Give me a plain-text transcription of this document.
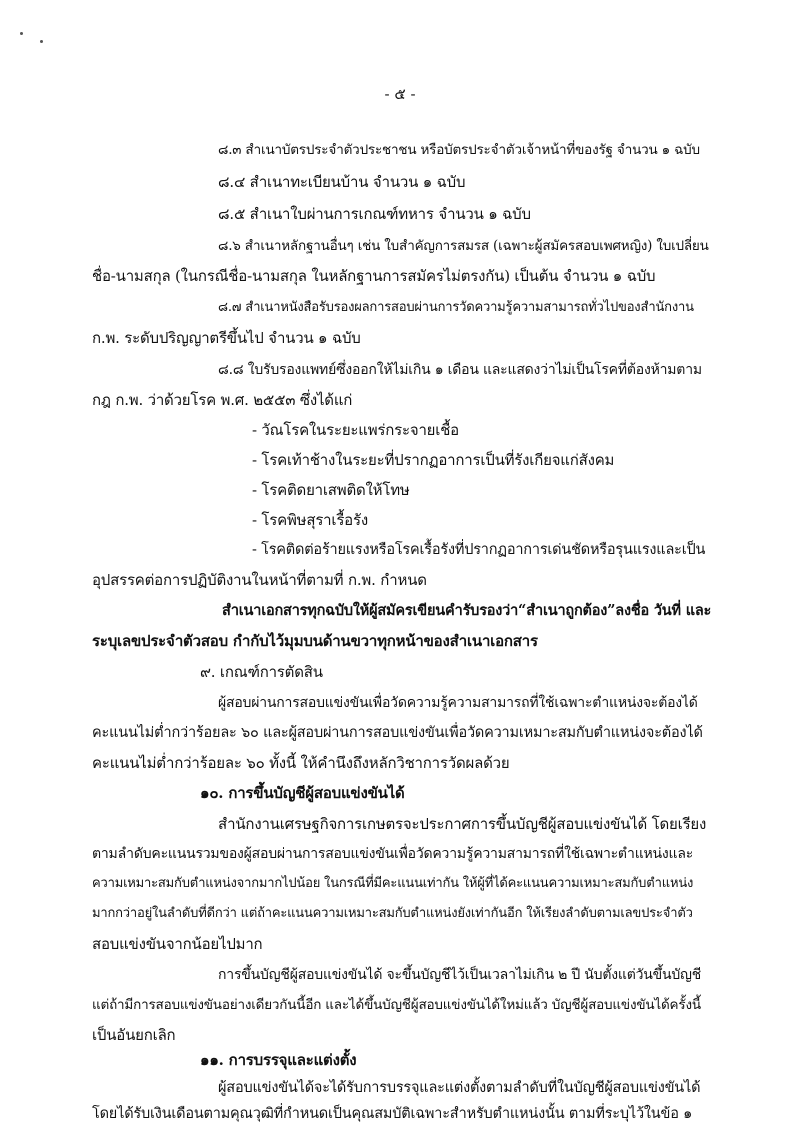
- ๕ -
๘.๓ สำเนาบัตรประจำตัวประชาชน หรือบัตรประจำตัวเจ้าหน้าที่ของรัฐ จำนวน ๑ ฉบับ
๘.๔ สำเนาทะเบียนบ้าน จำนวน ๑ ฉบับ
๘.๕ สำเนาใบผ่านการเกณฑ์ทหาร จำนวน ๑ ฉบับ
๘.๖ สำเนาหลักฐานอื่นๆ เช่น ใบสำคัญการสมรส (เฉพาะผู้สมัครสอบเพศหญิง) ใบเปลี่ยน
ชื่อ-นามสกุล (ในกรณีชื่อ-นามสกุล ในหลักฐานการสมัครไม่ตรงกัน) เป็นต้น จำนวน ๑ ฉบับ
๘.๗ สำเนาหนังสือรับรองผลการสอบผ่านการวัดความรู้ความสามารถทั่วไปของสำนักงาน
ก.พ. ระดับปริญญาตรีขึ้นไป จำนวน ๑ ฉบับ
๘.๘ ใบรับรองแพทย์ซึ่งออกให้ไม่เกิน ๑ เดือน และแสดงว่าไม่เป็นโรคที่ต้องห้ามตาม
กฎ ก.พ. ว่าด้วยโรค พ.ศ. ๒๕๕๓ ซึ่งได้แก่
- วัณโรคในระยะแพร่กระจายเชื้อ
- โรคเท้าช้างในระยะที่ปรากฏอาการเป็นที่รังเกียจแก่สังคม
- โรคติดยาเสพติดให้โทษ
- โรคพิษสุราเรื้อรัง
- โรคติดต่อร้ายแรงหรือโรคเรื้อรังที่ปรากฏอาการเด่นชัดหรือรุนแรงและเป็น
อุปสรรคต่อการปฏิบัติงานในหน้าที่ตามที่ ก.พ. กำหนด
สำเนาเอกสารทุกฉบับให้ผู้สมัครเขียนคำรับรองว่า“สำเนาถูกต้อง”ลงชื่อ วันที่ และ
ระบุเลขประจำตัวสอบ กำกับไว้มุมบนด้านขวาทุกหน้าของสำเนาเอกสาร
๙. เกณฑ์การตัดสิน
ผู้สอบผ่านการสอบแข่งขันเพื่อวัดความรู้ความสามารถที่ใช้เฉพาะตำแหน่งจะต้องได้
คะแนนไม่ต่ำกว่าร้อยละ ๖๐ และผู้สอบผ่านการสอบแข่งขันเพื่อวัดความเหมาะสมกับตำแหน่งจะต้องได้
คะแนนไม่ต่ำกว่าร้อยละ ๖๐ ทั้งนี้ ให้คำนึงถึงหลักวิชาการวัดผลด้วย
๑๐. การขึ้นบัญชีผู้สอบแข่งขันได้
สำนักงานเศรษฐกิจการเกษตรจะประกาศการขึ้นบัญชีผู้สอบแข่งขันได้ โดยเรียง
ตามลำดับคะแนนรวมของผู้สอบผ่านการสอบแข่งขันเพื่อวัดความรู้ความสามารถที่ใช้เฉพาะตำแหน่งและ
ความเหมาะสมกับตำแหน่งจากมากไปน้อย ในกรณีที่มีคะแนนเท่ากัน ให้ผู้ที่ได้คะแนนความเหมาะสมกับตำแหน่ง
มากกว่าอยู่ในลำดับที่ดีกว่า แต่ถ้าคะแนนความเหมาะสมกับตำแหน่งยังเท่ากันอีก ให้เรียงลำดับตามเลขประจำตัว
สอบแข่งขันจากน้อยไปมาก
การขึ้นบัญชีผู้สอบแข่งขันได้ จะขึ้นบัญชีไว้เป็นเวลาไม่เกิน ๒ ปี นับตั้งแต่วันขึ้นบัญชี
แต่ถ้ามีการสอบแข่งขันอย่างเดียวกันนี้อีก และได้ขึ้นบัญชีผู้สอบแข่งขันได้ใหม่แล้ว บัญชีผู้สอบแข่งขันได้ครั้งนี้
เป็นอันยกเลิก
๑๑. การบรรจุและแต่งตั้ง
ผู้สอบแข่งขันได้จะได้รับการบรรจุและแต่งตั้งตามลำดับที่ในบัญชีผู้สอบแข่งขันได้
โดยได้รับเงินเดือนตามคุณวุฒิที่กำหนดเป็นคุณสมบัติเฉพาะสำหรับตำแหน่งนั้น ตามที่ระบุไว้ในข้อ ๑
